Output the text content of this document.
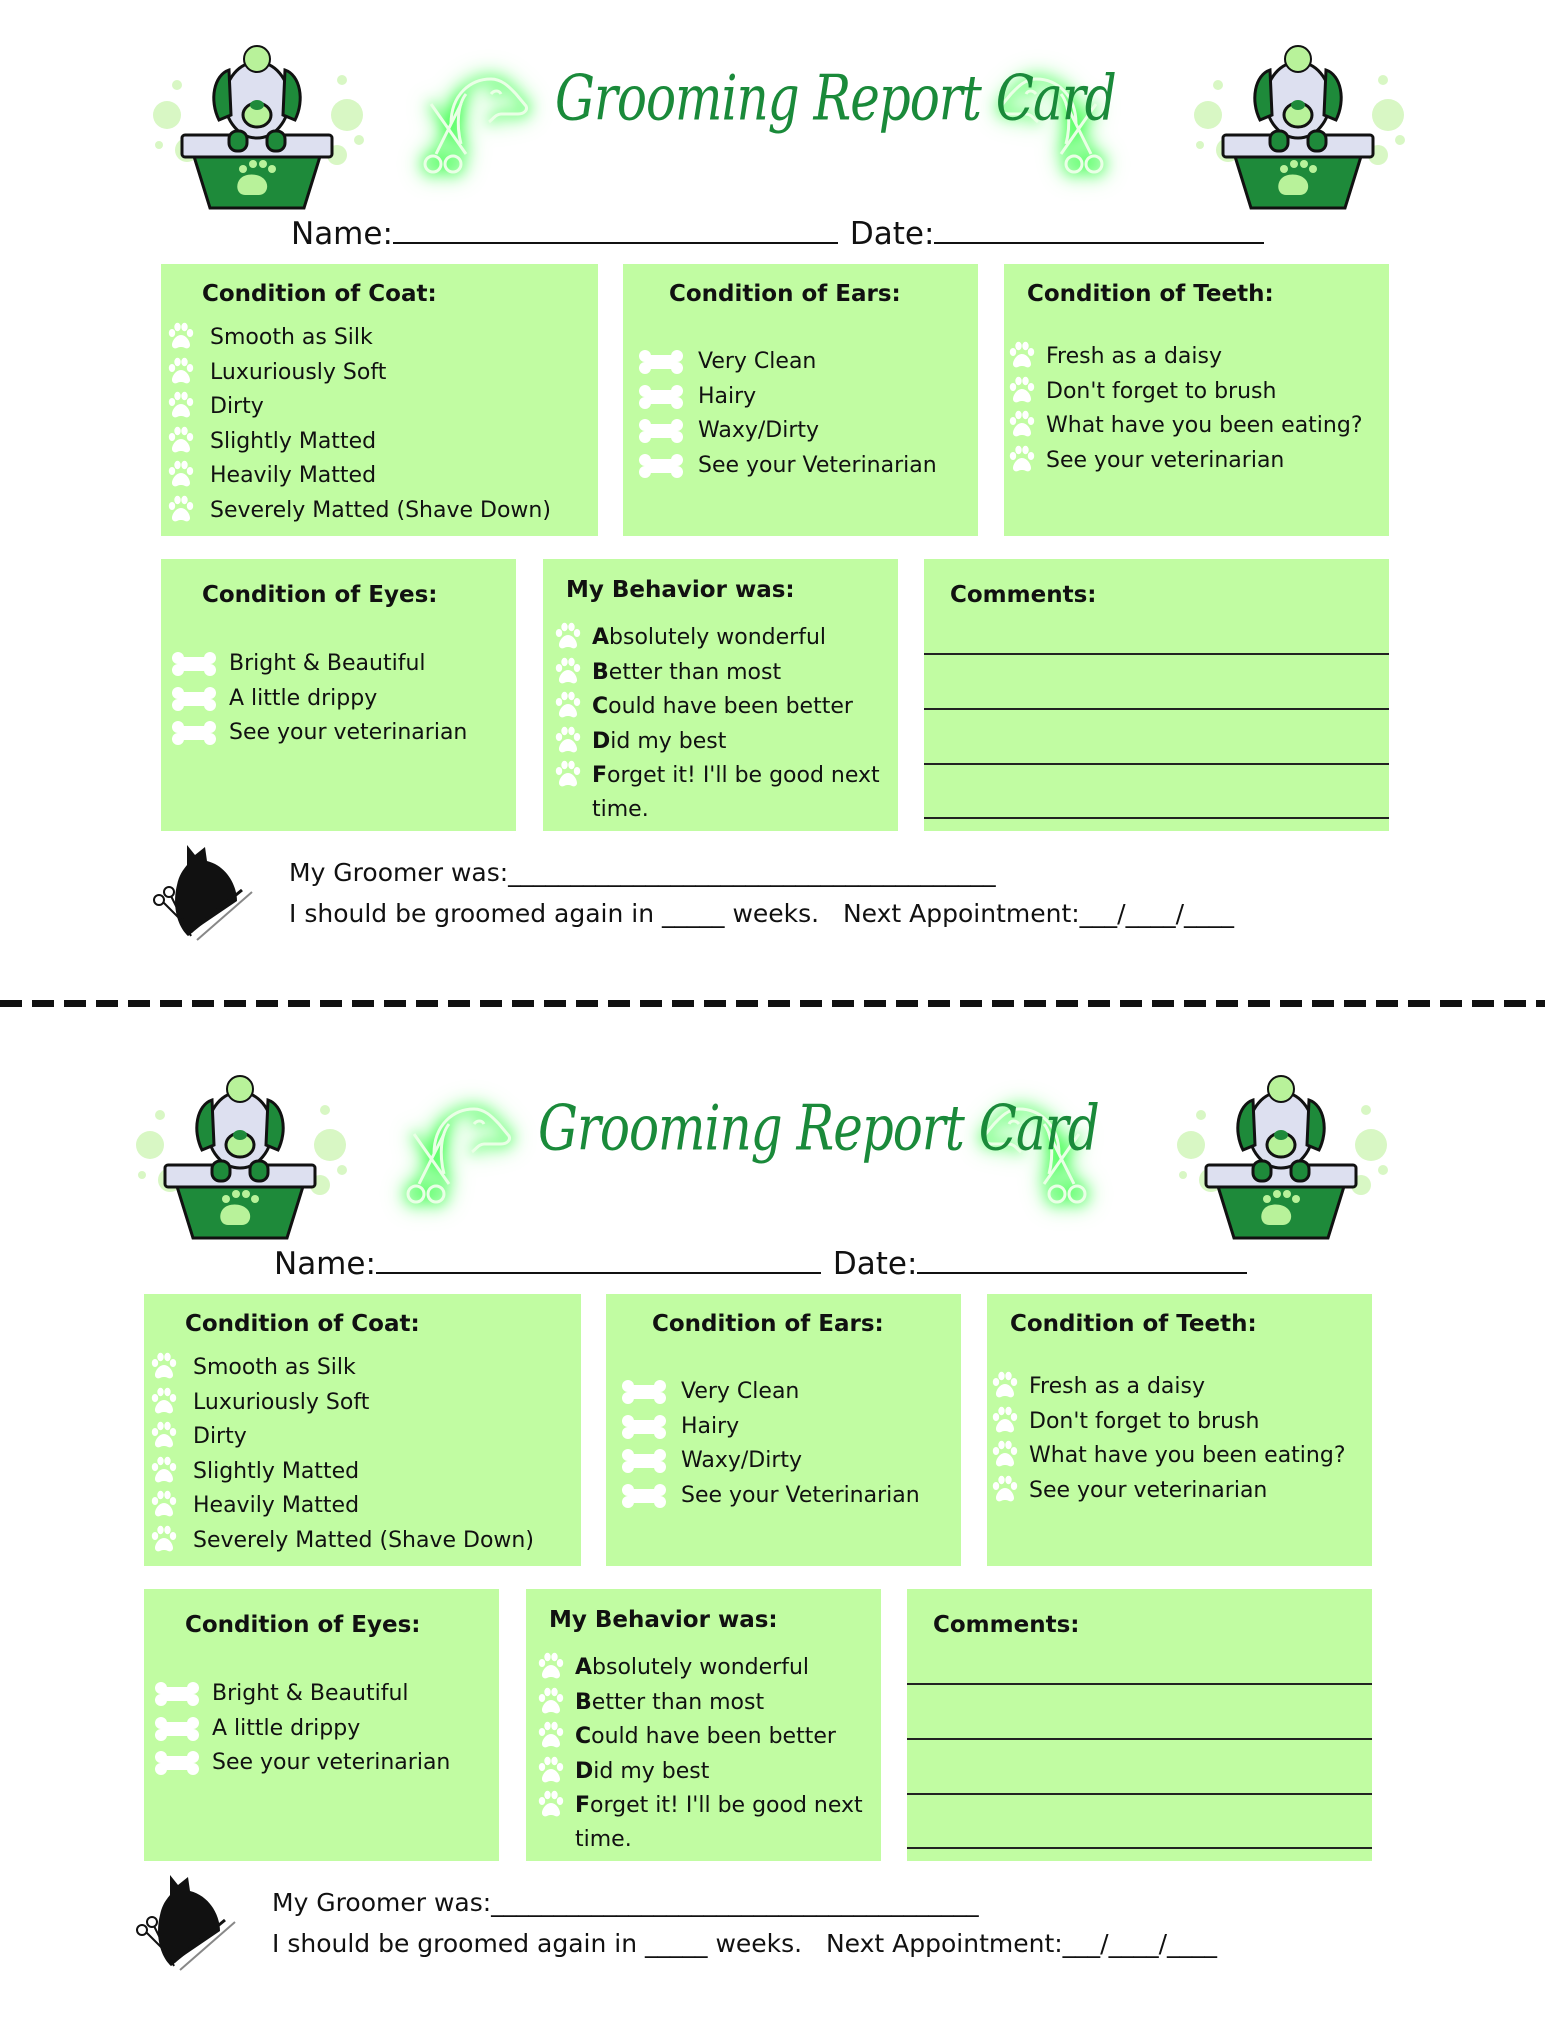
Grooming Report Card
Name:	Date:
Condition of Coat:
Smooth as Silk
Luxuriously Soft
Dirty
Slightly Matted
Heavily Matted
Severely Matted (Shave Down)
Condition of Ears:
Very Clean
Hairy
Waxy/Dirty
See your Veterinarian
Condition of Teeth:
Fresh as a daisy
Don't forget to brush
What have you been eating?
See your veterinarian
Condition of Eyes:
Bright & Beautiful
A little drippy
See your veterinarian
My Behavior was:
Absolutely wonderful
Better than most
Could have been better
Did my best
Forget it! I'll be good next time.
Comments:
My Groomer was:_______________________________________
I should be groomed again in _____ weeks.   Next Appointment:___/____/____
Grooming Report Card
Name:	Date:
Condition of Coat:
Smooth as Silk
Luxuriously Soft
Dirty
Slightly Matted
Heavily Matted
Severely Matted (Shave Down)
Condition of Ears:
Very Clean
Hairy
Waxy/Dirty
See your Veterinarian
Condition of Teeth:
Fresh as a daisy
Don't forget to brush
What have you been eating?
See your veterinarian
Condition of Eyes:
Bright & Beautiful
A little drippy
See your veterinarian
My Behavior was:
Absolutely wonderful
Better than most
Could have been better
Did my best
Forget it! I'll be good next time.
Comments:
My Groomer was:_______________________________________
I should be groomed again in _____ weeks.   Next Appointment:___/____/____
